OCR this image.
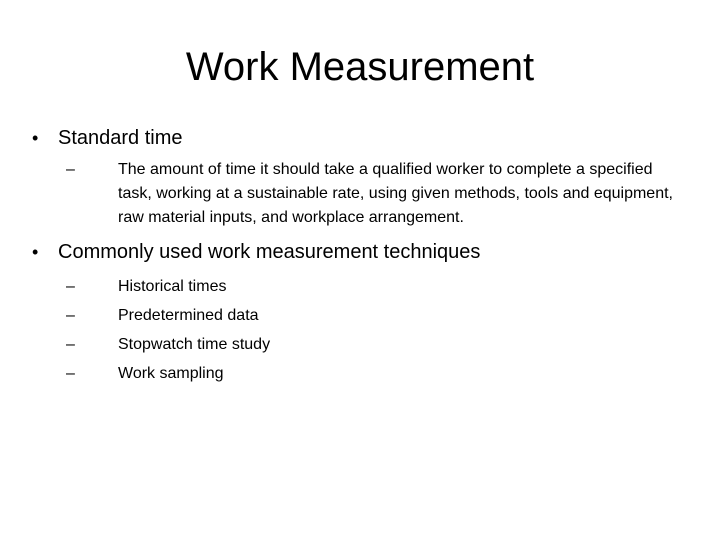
Work Measurement
• Standard time
–	The amount of time it should take a qualified worker to complete a specified task, working at a sustainable rate, using given methods, tools and equipment, raw material inputs, and workplace arrangement.
• Commonly used work measurement techniques
–	Historical times
–	Predetermined data
–	Stopwatch time study
–	Work sampling
